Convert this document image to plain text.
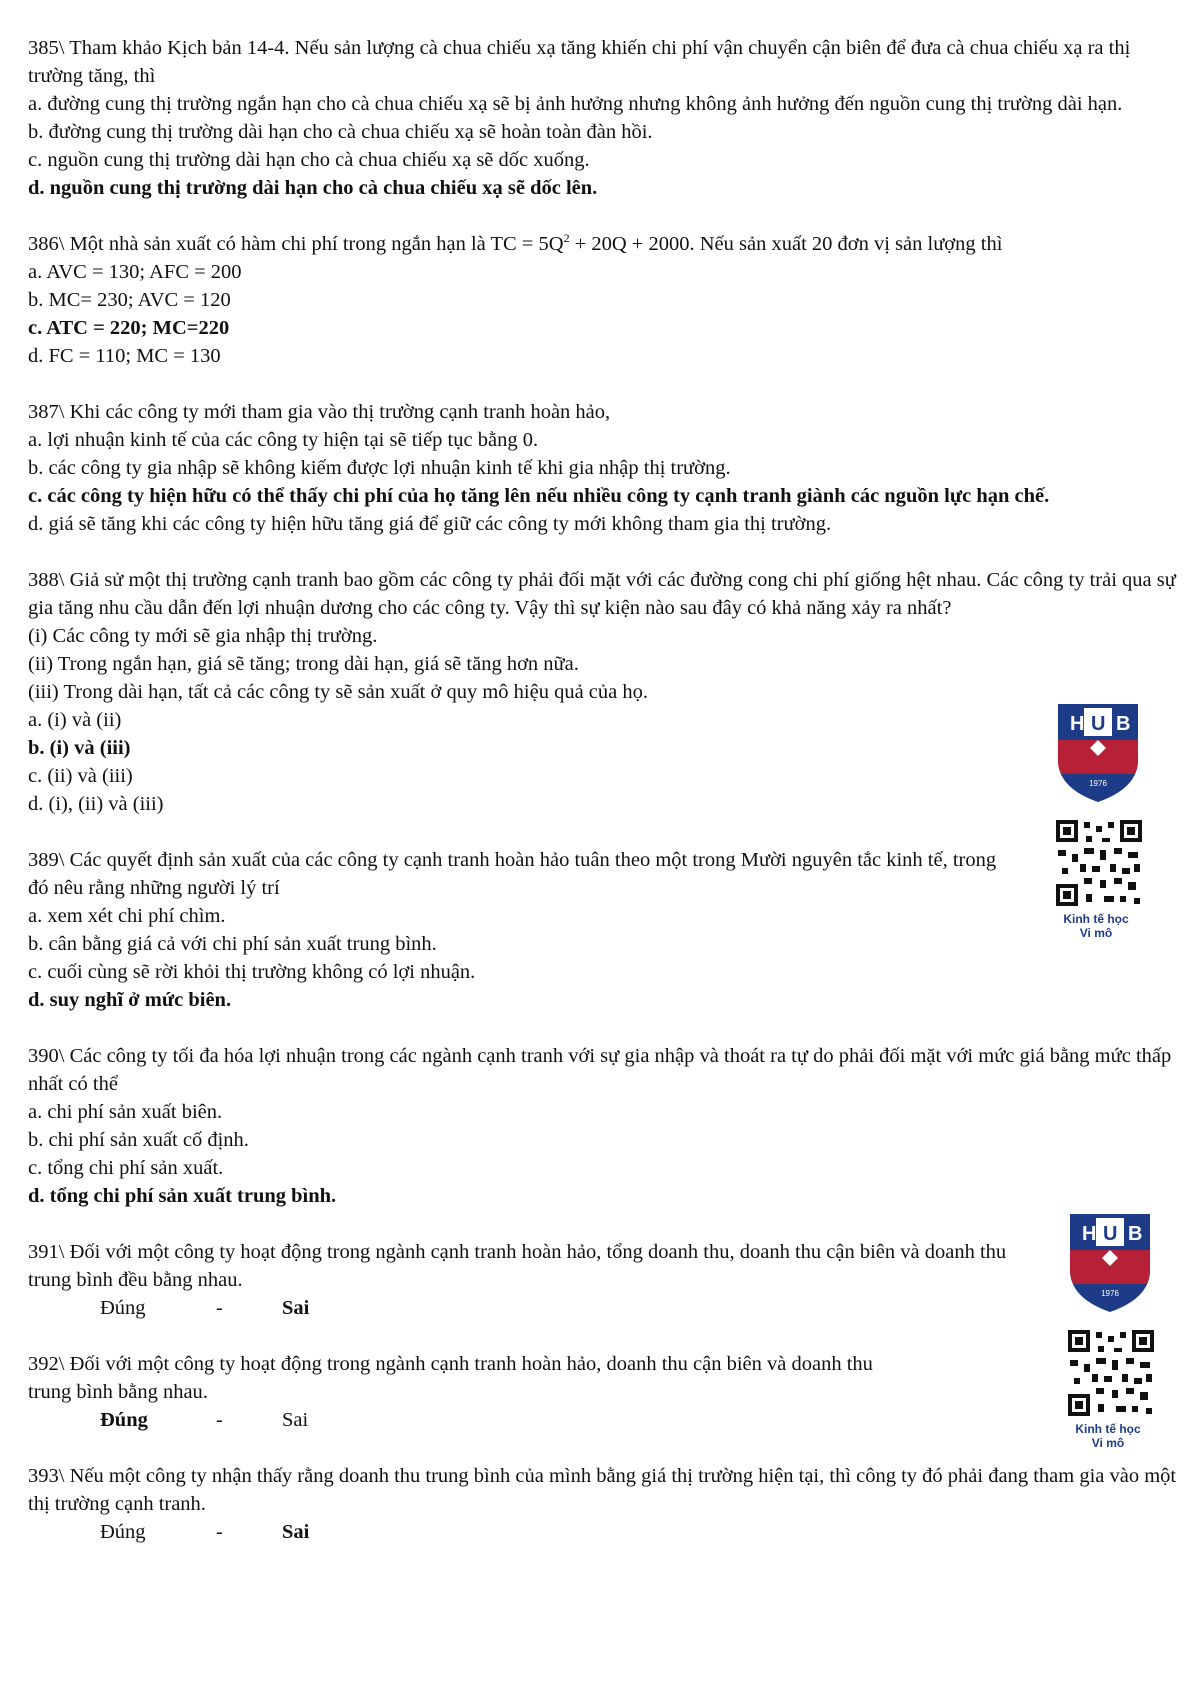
385\ Tham khảo Kịch bản 14-4. Nếu sản lượng cà chua chiếu xạ tăng khiến chi phí vận chuyển cận biên để đưa cà chua chiếu xạ ra thị trường tăng, thì
a. đường cung thị trường ngắn hạn cho cà chua chiếu xạ sẽ bị ảnh hưởng nhưng không ảnh hưởng đến nguồn cung thị trường dài hạn.
b. đường cung thị trường dài hạn cho cà chua chiếu xạ sẽ hoàn toàn đàn hồi.
c. nguồn cung thị trường dài hạn cho cà chua chiếu xạ sẽ dốc xuống.
d. nguồn cung thị trường dài hạn cho cà chua chiếu xạ sẽ dốc lên.
386\ Một nhà sản xuất có hàm chi phí trong ngắn hạn là TC = $5Q^2 + 20Q + 2000$. Nếu sản xuất 20 đơn vị sản lượng thì
a. AVC = 130; AFC = 200
b. MC= 230; AVC = 120
c. ATC = 220; MC=220
d. FC = 110; MC = 130
387\ Khi các công ty mới tham gia vào thị trường cạnh tranh hoàn hảo,
a. lợi nhuận kinh tế của các công ty hiện tại sẽ tiếp tục bằng 0.
b. các công ty gia nhập sẽ không kiếm được lợi nhuận kinh tế khi gia nhập thị trường.
c. các công ty hiện hữu có thể thấy chi phí của họ tăng lên nếu nhiều công ty cạnh tranh giành các nguồn lực hạn chế.
d. giá sẽ tăng khi các công ty hiện hữu tăng giá để giữ các công ty mới không tham gia thị trường.
388\ Giả sử một thị trường cạnh tranh bao gồm các công ty phải đối mặt với các đường cong chi phí giống hệt nhau. Các công ty trải qua sự gia tăng nhu cầu dẫn đến lợi nhuận dương cho các công ty. Vậy thì sự kiện nào sau đây có khả năng xảy ra nhất?
(i) Các công ty mới sẽ gia nhập thị trường.
(ii) Trong ngắn hạn, giá sẽ tăng; trong dài hạn, giá sẽ tăng hơn nữa.
(iii) Trong dài hạn, tất cả các công ty sẽ sản xuất ở quy mô hiệu quả của họ.
a. (i) và (ii)
b. (i) và (iii)
c. (ii) và (iii)
d. (i), (ii) và (iii)
389\ Các quyết định sản xuất của các công ty cạnh tranh hoàn hảo tuân theo một trong Mười nguyên tắc kinh tế, trong đó nêu rằng những người lý trí
a. xem xét chi phí chìm.
b. cân bằng giá cả với chi phí sản xuất trung bình.
c. cuối cùng sẽ rời khỏi thị trường không có lợi nhuận.
d. suy nghĩ ở mức biên.
390\ Các công ty tối đa hóa lợi nhuận trong các ngành cạnh tranh với sự gia nhập và thoát ra tự do phải đối mặt với mức giá bằng mức thấp nhất có thể
a. chi phí sản xuất biên.
b. chi phí sản xuất cố định.
c. tổng chi phí sản xuất.
d. tổng chi phí sản xuất trung bình.
391\ Đối với một công ty hoạt động trong ngành cạnh tranh hoàn hảo, tổng doanh thu, doanh thu cận biên và doanh thu trung bình đều bằng nhau.
Đúng	-	Sai
392\ Đối với một công ty hoạt động trong ngành cạnh tranh hoàn hảo, doanh thu cận biên và doanh thu trung bình bằng nhau.
Đúng	-	Sai
393\ Nếu một công ty nhận thấy rằng doanh thu trung bình của mình bằng giá thị trường hiện tại, thì công ty đó phải đang tham gia vào một thị trường cạnh tranh.
Đúng	-	Sai
H U B
1976
Kinh tế học
Vi mô
H U B
1976
Kinh tế học
Vi mô
